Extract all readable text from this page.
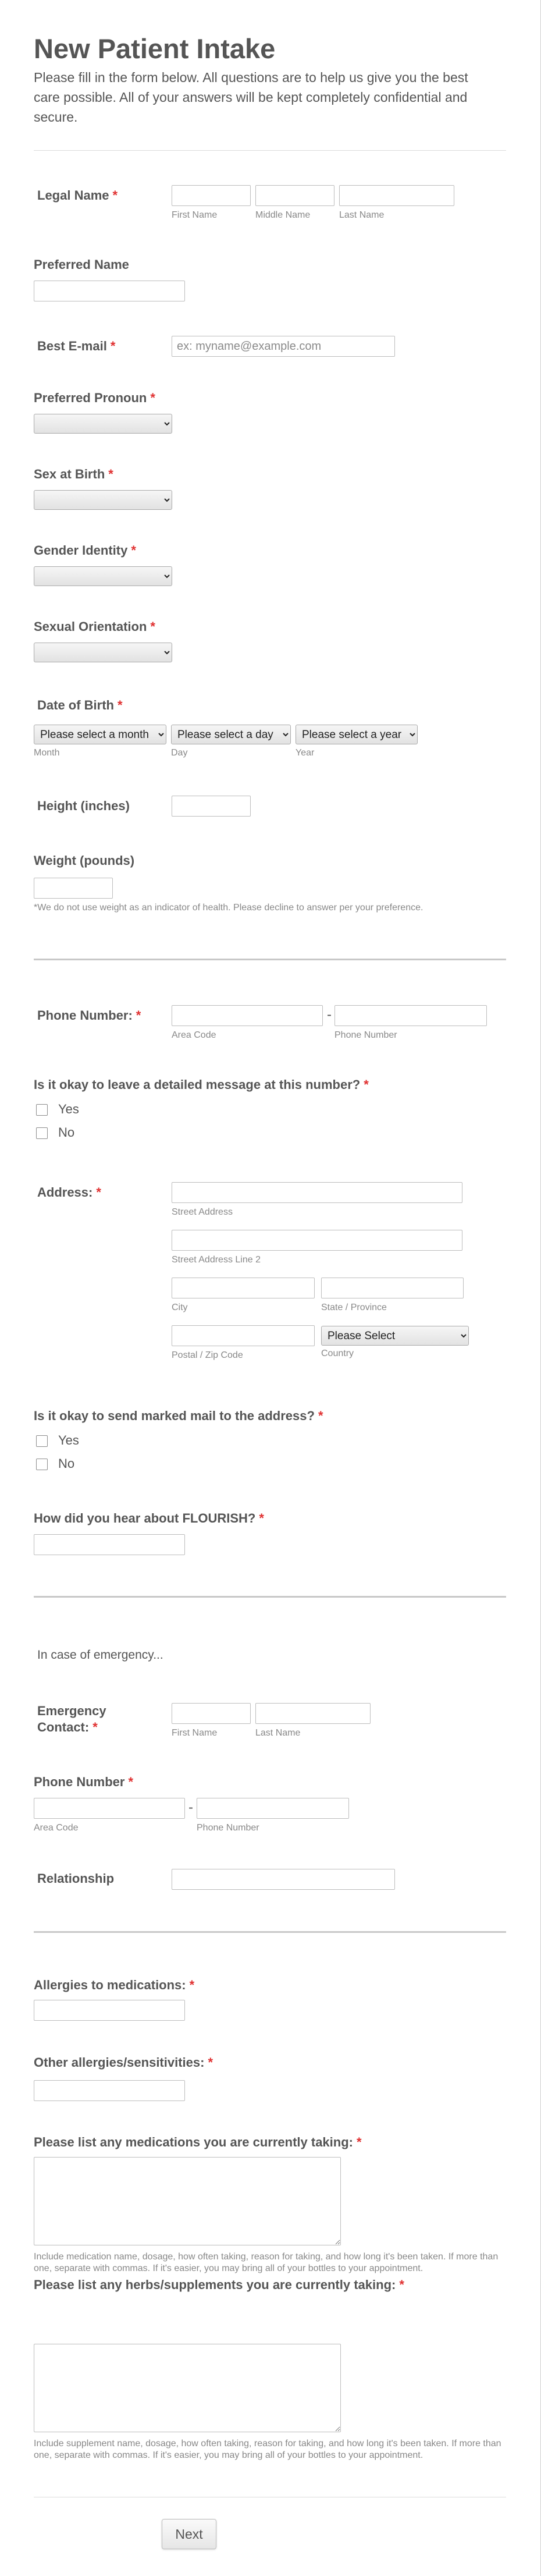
New Patient Intake

Please fill in the form below. All questions are to help us give you the best care possible. All of your answers will be kept completely confidential and secure.

Legal Name *
First Name	Middle Name	Last Name
Preferred Name
Best E-mail *
ex: myname@example.com
Preferred Pronoun *
Sex at Birth *
Gender Identity *
Sexual Orientation *
Date of Birth *
Please select a month
Please select a day
Please select a year
Month	Day	Year
Height (inches)
Weight (pounds)
*We do not use weight as an indicator of health. Please decline to answer per your preference.
Phone Number: *	-
Area Code	Phone Number
Is it okay to leave a detailed message at this number? *
Yes
No
Address: *
Street Address
Street Address Line 2
City	State / Province
Please Select
Postal / Zip Code	Country
Is it okay to send marked mail to the address? *
Yes
No
How did you hear about FLOURISH? *
In case of emergency...
Emergency
Contact: *	First Name	Last Name
Phone Number *
-
Area Code	Phone Number
Relationship
Allergies to medications: *
Other allergies/sensitivities: *
Please list any medications you are currently taking: *
Include medication name, dosage, how often taking, reason for taking, and how long it's been taken. If more than one, separate with commas. If it's easier, you may bring all of your bottles to your appointment.
Please list any herbs/supplements you are currently taking: *
Include supplement name, dosage, how often taking, reason for taking, and how long it's been taken. If more than one, separate with commas. If it's easier, you may bring all of your bottles to your appointment.
Next
